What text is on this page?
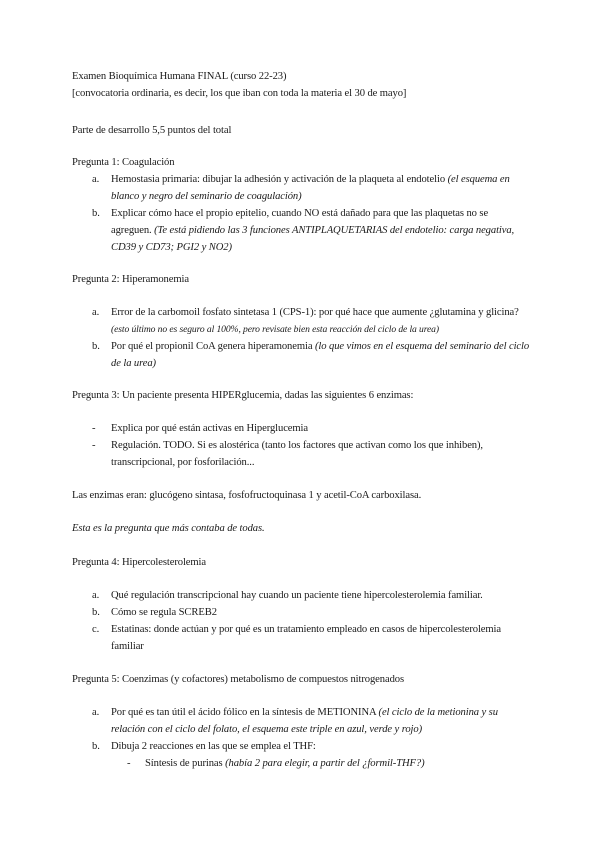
Examen Bioquímica Humana FINAL (curso 22-23)
[convocatoria ordinaria, es decir, los que iban con toda la materia el 30 de mayo]
Parte de desarrollo 5,5 puntos del total
Pregunta 1: Coagulación
a. Hemostasia primaria: dibujar la adhesión y activación de la plaqueta al endotelio (el esquema en
blanco y negro del seminario de coagulación)
b. Explicar cómo hace el propio epitelio, cuando NO está dañado para que las plaquetas no se
agreguen. (Te está pidiendo las 3 funciones ANTIPLAQUETARIAS del endotelio: carga negativa,
CD39 y CD73; PGI2 y NO2)
Pregunta 2: Hiperamonemia
a. Error de la carbomoil fosfato sintetasa 1 (CPS-1): por qué hace que aumente ¿glutamina y glicina?
(esto último no es seguro al 100%, pero revisate bien esta reacción del ciclo de la urea)
b. Por qué el propionil CoA genera hiperamonemia (lo que vimos en el esquema del seminario del ciclo
de la urea)
Pregunta 3: Un paciente presenta HIPERglucemia, dadas las siguientes 6 enzimas:
- Explica por qué están activas en Hiperglucemia
- Regulación. TODO. Si es alostérica (tanto los factores que activan como los que inhiben),
transcripcional, por fosforilación...
Las enzimas eran: glucógeno sintasa, fosfofructoquinasa 1 y acetil-CoA carboxilasa.
Esta es la pregunta que más contaba de todas.
Pregunta 4: Hipercolesterolemia
a. Qué regulación transcripcional hay cuando un paciente tiene hipercolesterolemia familiar.
b. Cómo se regula SCREB2
c. Estatinas: donde actúan y por qué es un tratamiento empleado en casos de hipercolesterolemia
familiar
Pregunta 5: Coenzimas (y cofactores) metabolismo de compuestos nitrogenados
a. Por qué es tan útil el ácido fólico en la síntesis de METIONINA (el ciclo de la metionina y su
relación con el ciclo del folato, el esquema este triple en azul, verde y rojo)
b. Dibuja 2 reacciones en las que se emplea el THF:
- Síntesis de purinas (había 2 para elegir, a partir del ¿formil-THF?)
